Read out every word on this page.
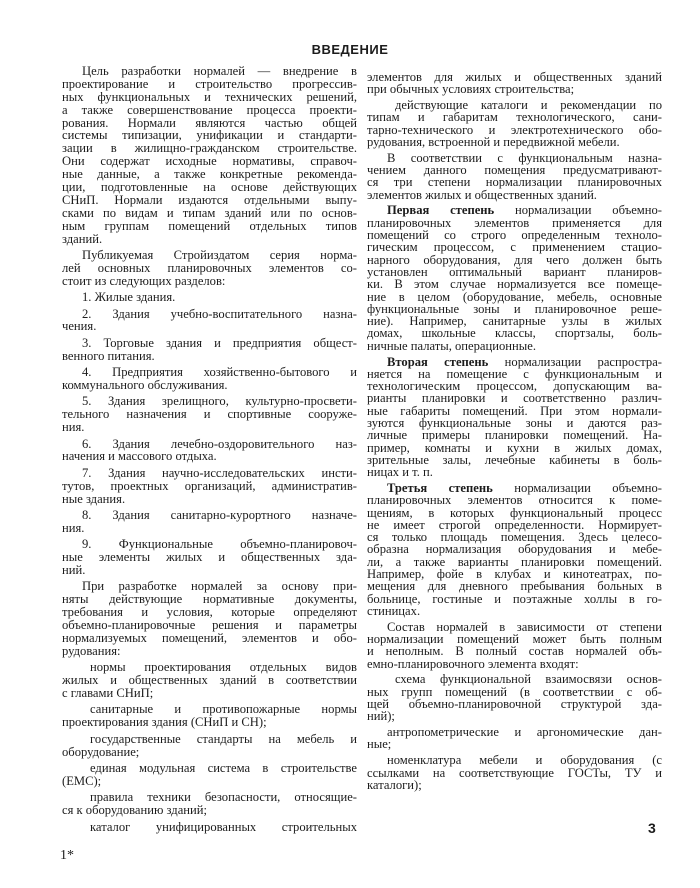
ВВЕДЕНИЕ
Цель разработки нормалей — внедрение в
проектирование и строительство прогрессив-
ных функциональных и технических решений,
а также совершенствование процесса проекти-
рования. Нормали являются частью общей
системы типизации, унификации и стандарти-
зации в жилищно-гражданском строительстве.
Они содержат исходные нормативы, справоч-
ные данные, а также конкретные рекоменда-
ции, подготовленные на основе действующих
СНиП. Нормали издаются отдельными выпу-
сками по видам и типам зданий или по основ-
ным группам помещений отдельных типов
зданий.
Публикуемая Стройиздатом серия норма-
лей основных планировочных элементов со-
стоит из следующих разделов:
1. Жилые здания.
2. Здания учебно-воспитательного назна-
чения.
3. Торговые здания и предприятия общест-
венного питания.
4. Предприятия хозяйственно-бытового и
коммунального обслуживания.
5. Здания зрелищного, культурно-просвети-
тельного назначения и спортивные сооруже-
ния.
6. Здания лечебно-оздоровительного наз-
начения и массового отдыха.
7. Здания научно-исследовательских инсти-
тутов, проектных организаций, административ-
ные здания.
8. Здания санитарно-курортного назначе-
ния.
9. Функциональные объемно-планировоч-
ные элементы жилых и общественных зда-
ний.
При разработке нормалей за основу при-
няты действующие нормативные документы,
требования и условия, которые определяют
объемно-планировочные решения и параметры
нормализуемых помещений, элементов и обо-
рудования:
нормы проектирования отдельных видов
жилых и общественных зданий в соответствии
с главами СНиП;
санитарные и противопожарные нормы
проектирования здания (СНиП и СН);
государственные стандарты на мебель и
оборудование;
единая модульная система в строительстве
(ЕМС);
правила техники безопасности, относящие-
ся к оборудованию зданий;
каталог унифицированных строительных
элементов для жилых и общественных зданий
при обычных условиях строительства;
действующие каталоги и рекомендации по
типам и габаритам технологического, сани-
тарно-технического и электротехнического обо-
рудования, встроенной и передвижной мебели.
В соответствии с функциональным назна-
чением данного помещения предусматривают-
ся три степени нормализации планировочных
элементов жилых и общественных зданий.
Первая степень нормализации объемно-
планировочных элементов применяется для
помещений со строго определенным техноло-
гическим процессом, с применением стацио-
нарного оборудования, для чего должен быть
установлен оптимальный вариант планиров-
ки. В этом случае нормализуется все помеще-
ние в целом (оборудование, мебель, основные
функциональные зоны и планировочное реше-
ние). Например, санитарные узлы в жилых
домах, школьные классы, спортзалы, боль-
ничные палаты, операционные.
Вторая степень нормализации распростра-
няется на помещение с функциональным и
технологическим процессом, допускающим ва-
рианты планировки и соответственно различ-
ные габариты помещений. При этом нормали-
зуются функциональные зоны и даются раз-
личные примеры планировки помещений. На-
пример, комнаты и кухни в жилых домах,
зрительные залы, лечебные кабинеты в боль-
ницах и т. п.
Третья степень нормализации объемно-
планировочных элементов относится к поме-
щениям, в которых функциональный процесс
не имеет строгой определенности. Нормирует-
ся только площадь помещения. Здесь целесо-
образна нормализация оборудования и мебе-
ли, а также варианты планировки помещений.
Например, фойе в клубах и кинотеатрах, по-
мещения для дневного пребывания больных в
больнице, гостиные и поэтажные холлы в го-
стиницах.
Состав нормалей в зависимости от степени
нормализации помещений может быть полным
и неполным. В полный состав нормалей объ-
емно-планировочного элемента входят:
схема функциональной взаимосвязи основ-
ных групп помещений (в соответствии с об-
щей объемно-планировочной структурой зда-
ний);
антропометрические и аргономические дан-
ные;
номенклатура мебели и оборудования (с
ссылками на соответствующие ГОСТы, ТУ и
каталоги);
1*
3
